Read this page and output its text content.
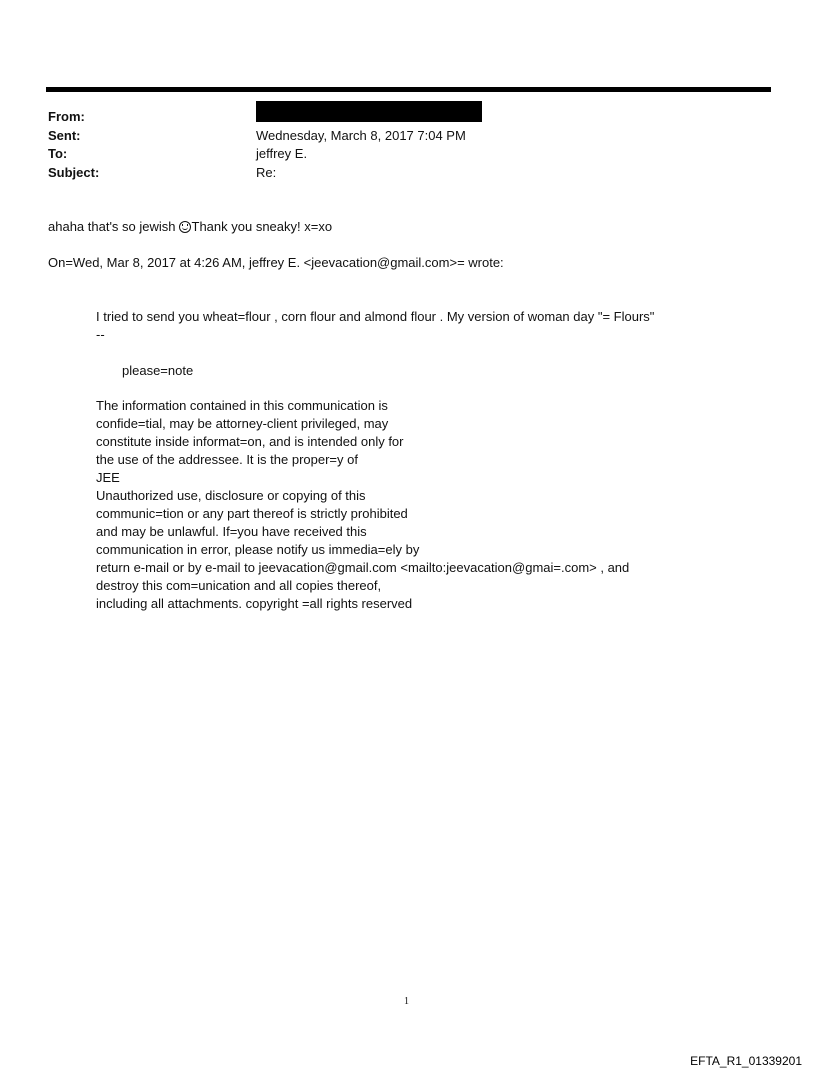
From:
Sent:	Wednesday, March 8, 2017 7:04 PM
To:	jeffrey E.
Subject:	Re:
ahaha that's so jewish Thank you sneaky! x=xo
On=Wed, Mar 8, 2017 at 4:26 AM, jeffrey E. <jeevacation@gmail.com>= wrote:
I tried to send you wheat=flour , corn flour and almond flour . My version of woman day "= Flours"
--
please=note
The information contained in this communication is
confide=tial, may be attorney-client privileged, may
constitute inside informat=on, and is intended only for
the use of the addressee. It is the proper=y of
JEE
Unauthorized use, disclosure or copying of this
communic=tion or any part thereof is strictly prohibited
and may be unlawful. If=you have received this
communication in error, please notify us immedia=ely by
return e-mail or by e-mail to jeevacation@gmail.com <mailto:jeevacation@gmai=.com> , and
destroy this com=unication and all copies thereof,
including all attachments. copyright =all rights reserved
1
EFTA_R1_01339201
